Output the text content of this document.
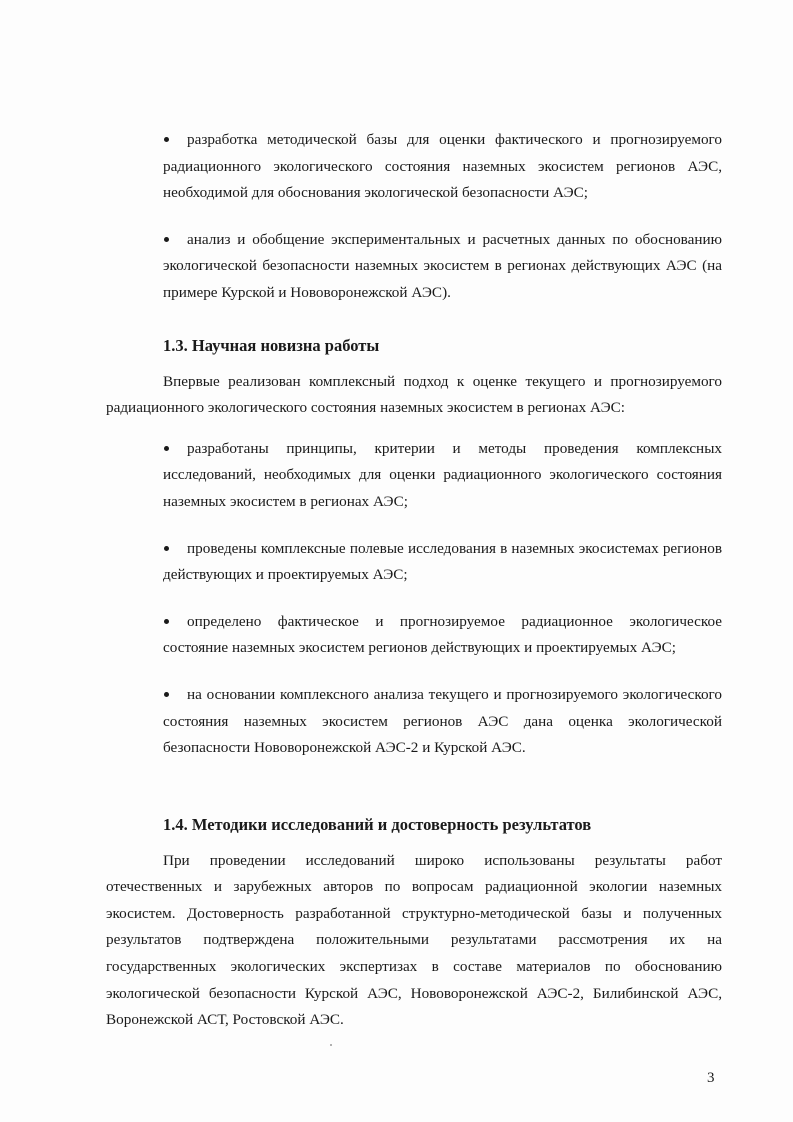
разработка методической базы для оценки фактического и прогнозируемого радиационного экологического состояния наземных экосистем регионов АЭС, необходимой для обоснования экологической безопасности АЭС;

анализ и обобщение экспериментальных и расчетных данных по обоснованию экологической безопасности наземных экосистем в регионах действующих АЭС (на примере Курской и Нововоронежской АЭС).

1.3. Научная новизна работы

Впервые реализован комплексный подход к оценке текущего и прогнозируемого радиационного экологического состояния наземных экосистем в регионах АЭС:

разработаны принципы, критерии и методы проведения комплексных исследований, необходимых для оценки радиационного экологического состояния наземных экосистем в регионах АЭС;

проведены комплексные полевые исследования в наземных экосистемах регионов действующих и проектируемых АЭС;

определено фактическое и прогнозируемое радиационное экологическое состояние наземных экосистем регионов действующих и проектируемых АЭС;

на основании комплексного анализа текущего и прогнозируемого экологического состояния наземных экосистем регионов АЭС дана оценка экологической безопасности Нововоронежской АЭС-2 и Курской АЭС.

1.4. Методики исследований и достоверность результатов

При проведении исследований широко использованы результаты работ отечественных и зарубежных авторов по вопросам радиационной экологии наземных экосистем. Достоверность разработанной структурно-методической базы и полученных результатов подтверждена положительными результатами рассмотрения их на государственных экологических экспертизах в составе материалов по обоснованию экологической безопасности Курской АЭС, Нововоронежской АЭС-2, Билибинской АЭС, Воронежской АСТ, Ростовской АЭС.

3
